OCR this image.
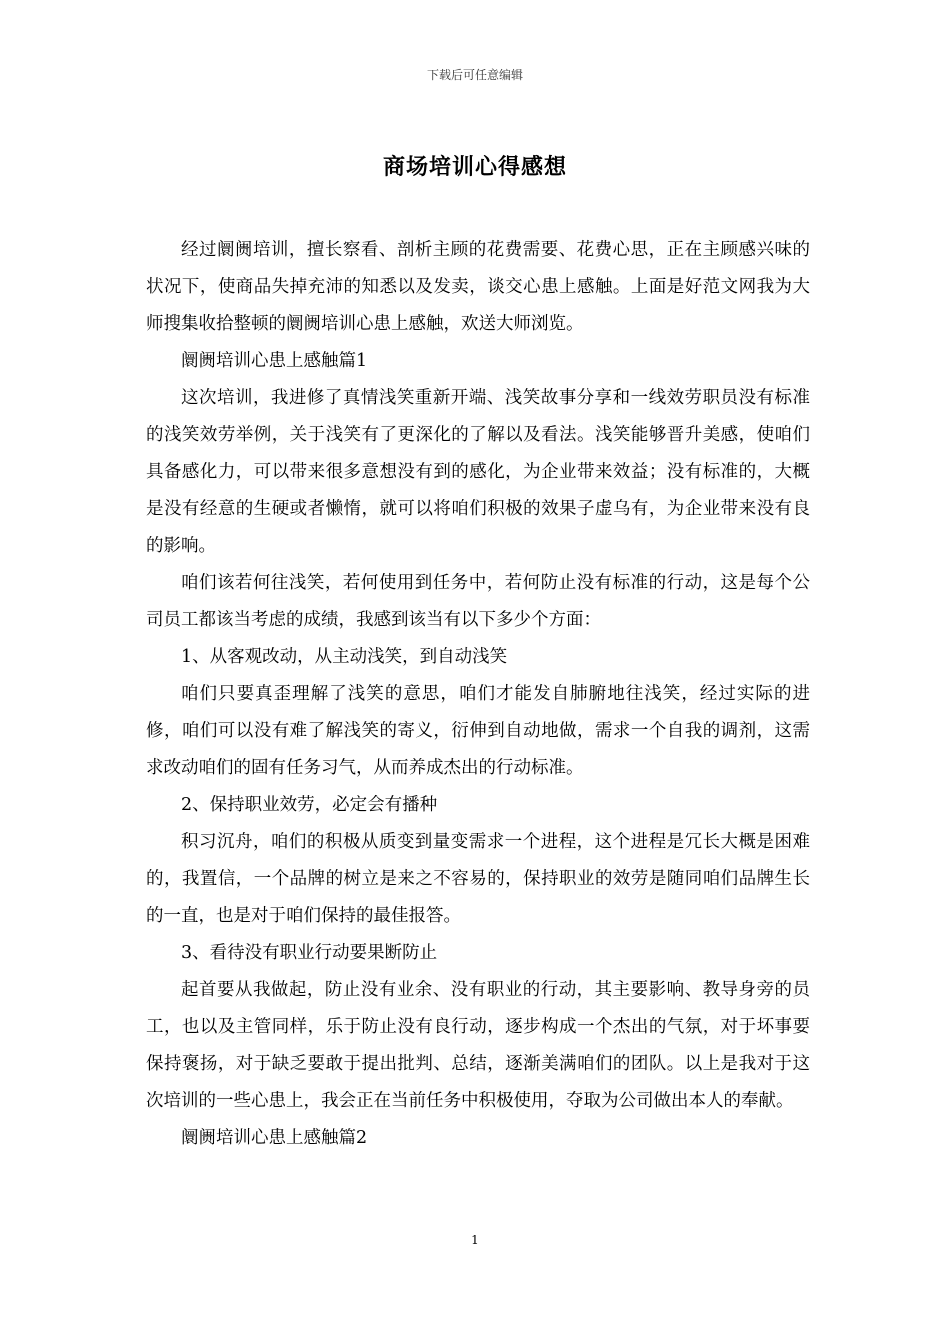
下载后可任意编辑
商场培训心得感想

经过阛阓培训，擅长察看、剖析主顾的花费需要、花费心思，正在主顾感兴味的状况下，使商品失掉充沛的知悉以及发卖，谈交心患上感触。上面是好范文网我为大师搜集收拾整顿的阛阓培训心患上感触，欢送大师浏览。

阛阓培训心患上感触篇1

这次培训，我进修了真情浅笑重新开端、浅笑故事分享和一线效劳职员没有标准的浅笑效劳举例，关于浅笑有了更深化的了解以及看法。浅笑能够晋升美感，使咱们具备感化力，可以带来很多意想没有到的感化，为企业带来效益；没有标准的，大概是没有经意的生硬或者懒惰，就可以将咱们积极的效果子虚乌有，为企业带来没有良的影响。

咱们该若何往浅笑，若何使用到任务中，若何防止没有标准的行动，这是每个公司员工都该当考虑的成绩，我感到该当有以下多少个方面：

1、从客观改动，从主动浅笑，到自动浅笑

咱们只要真歪理解了浅笑的意思，咱们才能发自肺腑地往浅笑，经过实际的进修，咱们可以没有难了解浅笑的寄义，衍伸到自动地做，需求一个自我的调剂，这需求改动咱们的固有任务习气，从而养成杰出的行动标准。

2、保持职业效劳，必定会有播种

积习沉舟，咱们的积极从质变到量变需求一个进程，这个进程是冗长大概是困难的，我置信，一个品牌的树立是来之不容易的，保持职业的效劳是随同咱们品牌生长的一直，也是对于咱们保持的最佳报答。

3、看待没有职业行动要果断防止

起首要从我做起，防止没有业余、没有职业的行动，其主要影响、教导身旁的员工，也以及主管同样，乐于防止没有良行动，逐步构成一个杰出的气氛，对于坏事要保持褒扬，对于缺乏要敢于提出批判、总结，逐渐美满咱们的团队。以上是我对于这次培训的一些心患上，我会正在当前任务中积极使用，夺取为公司做出本人的奉献。

阛阓培训心患上感触篇2

1
